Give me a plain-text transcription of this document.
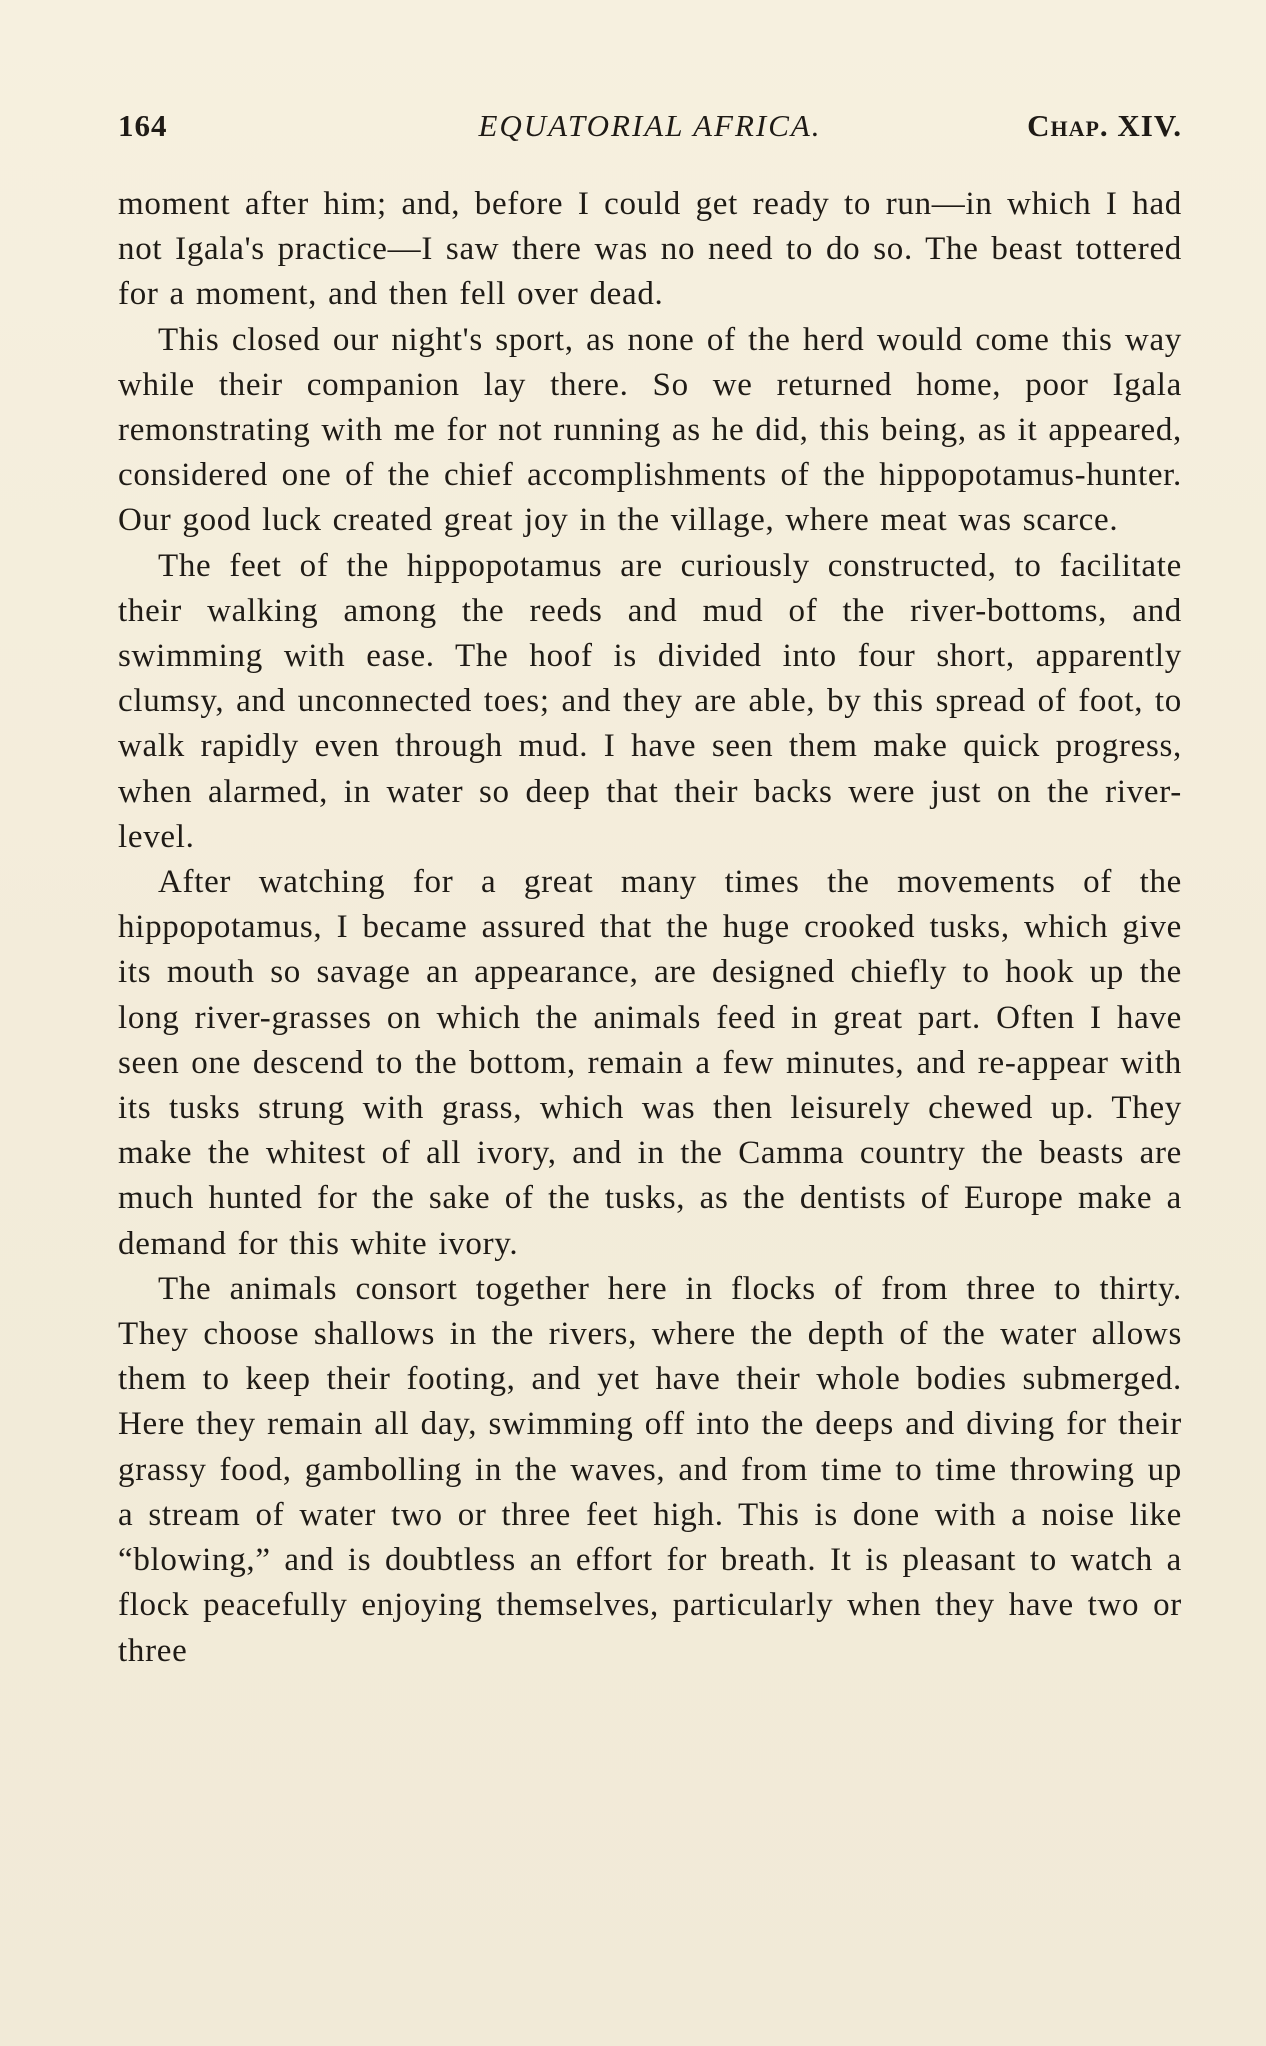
164	EQUATORIAL AFRICA.	Chap. XIV.

moment after him; and, before I could get ready to run—in which I had not Igala's practice—I saw there was no need to do so. The beast tottered for a moment, and then fell over dead.

This closed our night's sport, as none of the herd would come this way while their companion lay there. So we returned home, poor Igala remonstrating with me for not running as he did, this being, as it appeared, considered one of the chief accomplishments of the hippopotamus-hunter. Our good luck created great joy in the village, where meat was scarce.

The feet of the hippopotamus are curiously constructed, to facilitate their walking among the reeds and mud of the river-bottoms, and swimming with ease. The hoof is divided into four short, apparently clumsy, and unconnected toes; and they are able, by this spread of foot, to walk rapidly even through mud. I have seen them make quick progress, when alarmed, in water so deep that their backs were just on the river-level.

After watching for a great many times the movements of the hippopotamus, I became assured that the huge crooked tusks, which give its mouth so savage an appearance, are designed chiefly to hook up the long river-grasses on which the animals feed in great part. Often I have seen one descend to the bottom, remain a few minutes, and re-appear with its tusks strung with grass, which was then leisurely chewed up. They make the whitest of all ivory, and in the Camma country the beasts are much hunted for the sake of the tusks, as the dentists of Europe make a demand for this white ivory.

The animals consort together here in flocks of from three to thirty. They choose shallows in the rivers, where the depth of the water allows them to keep their footing, and yet have their whole bodies submerged. Here they remain all day, swimming off into the deeps and diving for their grassy food, gambolling in the waves, and from time to time throwing up a stream of water two or three feet high. This is done with a noise like “blowing,” and is doubtless an effort for breath. It is pleasant to watch a flock peacefully enjoying themselves, particularly when they have two or three
